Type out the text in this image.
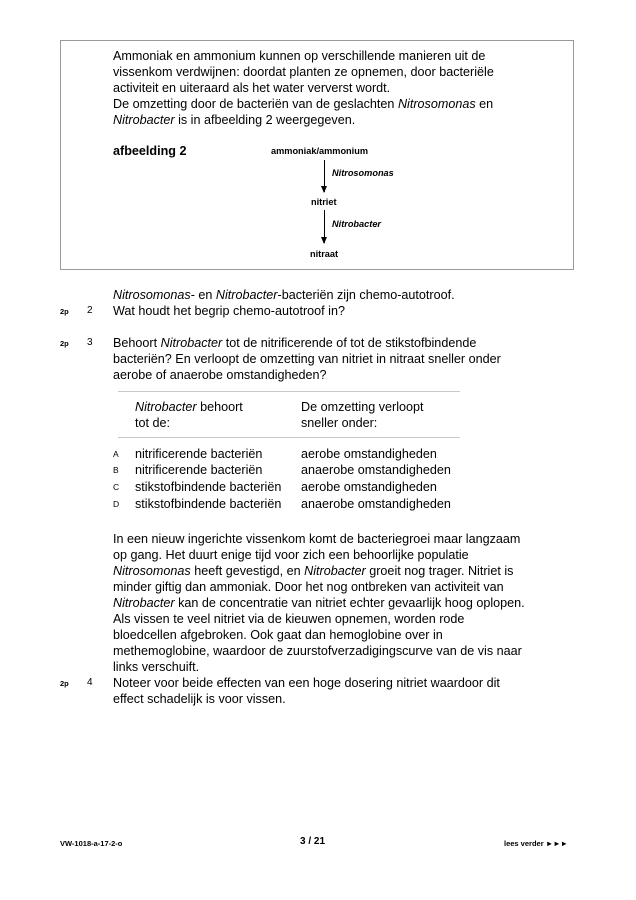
Ammoniak en ammonium kunnen op verschillende manieren uit de
vissenkom verdwijnen: doordat planten ze opnemen, door bacteriële
activiteit en uiteraard als het water ververst wordt.
De omzetting door de bacteriën van de geslachten Nitrosomonas en
Nitrobacter is in afbeelding 2 weergegeven.
afbeelding 2	ammoniak/ammonium
Nitrosomonas
nitriet
Nitrobacter
nitraat
Nitrosomonas- en Nitrobacter-bacteriën zijn chemo-autotroof.
2p 2 Wat houdt het begrip chemo-autotroof in?
2p 3 Behoort Nitrobacter tot de nitrificerende of tot de stikstofbindende
bacteriën? En verloopt de omzetting van nitriet in nitraat sneller onder
aerobe of anaerobe omstandigheden?
Nitrobacter behoort
tot de:
De omzetting verloopt
sneller onder:
A nitrificerende bacteriën	aerobe omstandigheden
B nitrificerende bacteriën	anaerobe omstandigheden
C stikstofbindende bacteriën aerobe omstandigheden
D stikstofbindende bacteriën anaerobe omstandigheden
In een nieuw ingerichte vissenkom komt de bacteriegroei maar langzaam
op gang. Het duurt enige tijd voor zich een behoorlijke populatie
Nitrosomonas heeft gevestigd, en Nitrobacter groeit nog trager. Nitriet is
minder giftig dan ammoniak. Door het nog ontbreken van activiteit van
Nitrobacter kan de concentratie van nitriet echter gevaarlijk hoog oplopen.
Als vissen te veel nitriet via de kieuwen opnemen, worden rode
bloedcellen afgebroken. Ook gaat dan hemoglobine over in
methemoglobine, waardoor de zuurstofverzadigingscurve van de vis naar
links verschuift.
2p 4 Noteer voor beide effecten van een hoge dosering nitriet waardoor dit
effect schadelijk is voor vissen.
VW-1018-a-17-2-o	3 / 21	lees verder ►►►
